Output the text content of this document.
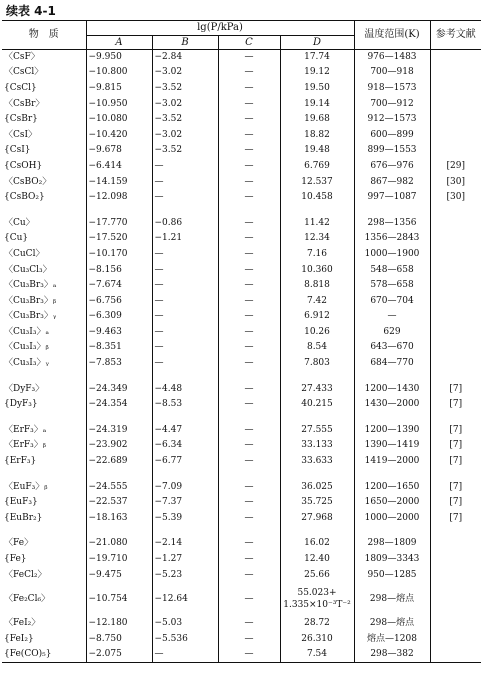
续表 4-1
物　质	lg(P/kPa)				温度范围(K)	参考文献
	A	B	C	D		
〈CsF〉	−9.950	−2.84	—	17.74	976—1483	
〈CsCl〉	−10.800	−3.02	—	19.12	700—918	
{CsCl}	−9.815	−3.52	—	19.50	918—1573	
〈CsBr〉	−10.950	−3.02	—	19.14	700—912	
{CsBr}	−10.080	−3.52	—	19.68	912—1573	
〈CsI〉	−10.420	−3.02	—	18.82	600—899	
{CsI}	−9.678	−3.52	—	19.48	899—1553	
{CsOH}	−6.414	—	—	6.769	676—976	[29]
〈CsBO₂〉	−14.159	—	—	12.537	867—982	[30]
{CsBO₂}	−12.098	—	—	10.458	997—1087	[30]

〈Cu〉	−17.770	−0.86	—	11.42	298—1356	
{Cu}	−17.520	−1.21	—	12.34	1356—2843	
〈CuCl〉	−10.170	—	—	7.16	1000—1900	
〈Cu₃Cl₃〉	−8.156	—	—	10.360	548—658	
〈Cu₃Br₃〉ₐ	−7.674	—	—	8.818	578—658	
〈Cu₃Br₃〉ᵦ	−6.756	—	—	7.42	670—704	
〈Cu₃Br₃〉ᵧ	−6.309	—	—	6.912	—	
〈Cu₃I₃〉ₐ	−9.463	—	—	10.26	629	
〈Cu₃I₃〉ᵦ	−8.351	—	—	8.54	643—670	
〈Cu₃I₃〉ᵧ	−7.853	—	—	7.803	684—770	

〈DyF₃〉	−24.349	−4.48	—	27.433	1200—1430	[7]
{DyF₃}	−24.354	−8.53	—	40.215	1430—2000	[7]

〈ErF₃〉ₐ	−24.319	−4.47	—	27.555	1200—1390	[7]
〈ErF₃〉ᵦ	−23.902	−6.34	—	33.133	1390—1419	[7]
{ErF₃}	−22.689	−6.77	—	33.633	1419—2000	[7]

〈EuF₃〉ᵦ	−24.555	−7.09	—	36.025	1200—1650	[7]
{EuF₃}	−22.537	−7.37	—	35.725	1650—2000	[7]
{EuBr₂}	−18.163	−5.39	—	27.968	1000—2000	[7]

〈Fe〉	−21.080	−2.14	—	16.02	298—1809	
{Fe}	−19.710	−1.27	—	12.40	1809—3343	
〈FeCl₂〉	−9.475	−5.23	—	25.66	950—1285	
〈Fe₂Cl₆〉	−10.754	−12.64	—	55.023+
1.335×10⁻³T⁻²	298—熔点	
〈FeI₂〉	−12.180	−5.03	—	28.72	298—熔点	
{FeI₂}	−8.750	−5.536	—	26.310	熔点—1208	
{Fe(CO)₅}	−2.075	—	—	7.54	298—382	
